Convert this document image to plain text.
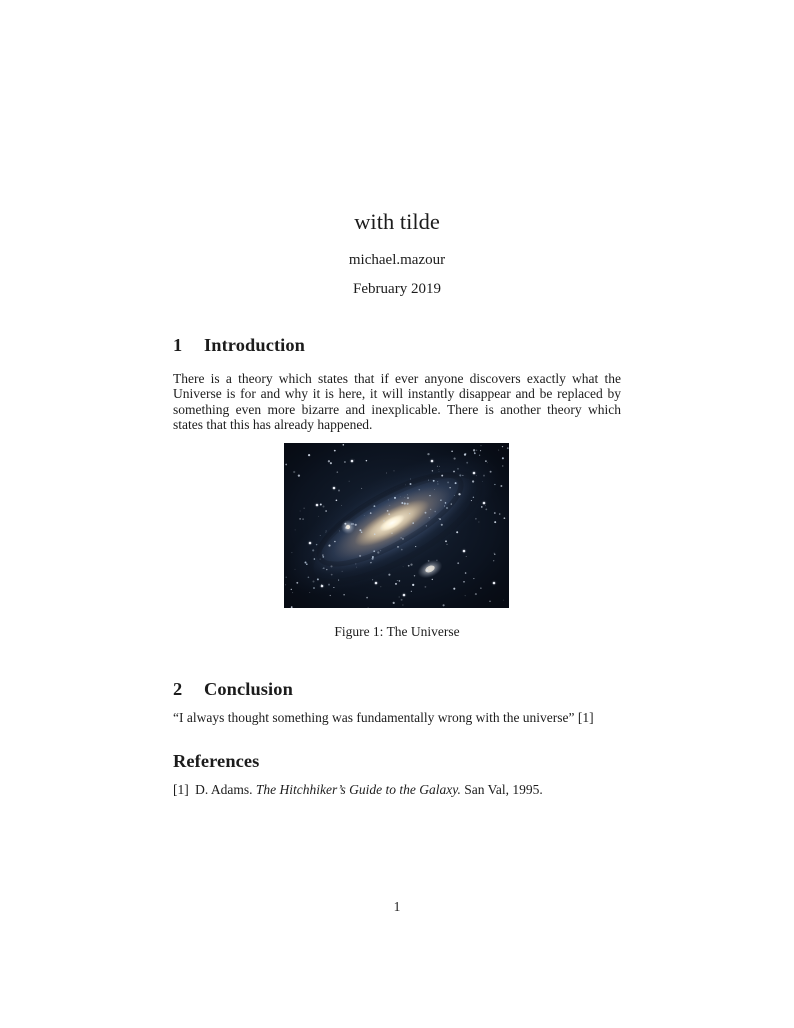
with tilde
michael.mazour
February 2019
1 Introduction

There is a theory which states that if ever anyone discovers exactly what the Universe is for and why it is here, it will instantly disappear and be replaced by something even more bizarre and inexplicable. There is another theory which states that this has already happened.

Figure 1: The Universe
2 Conclusion

“I always thought something was fundamentally wrong with the universe” [1]

References

[1] D. Adams. The Hitchhiker’s Guide to the Galaxy. San Val, 1995.

1
